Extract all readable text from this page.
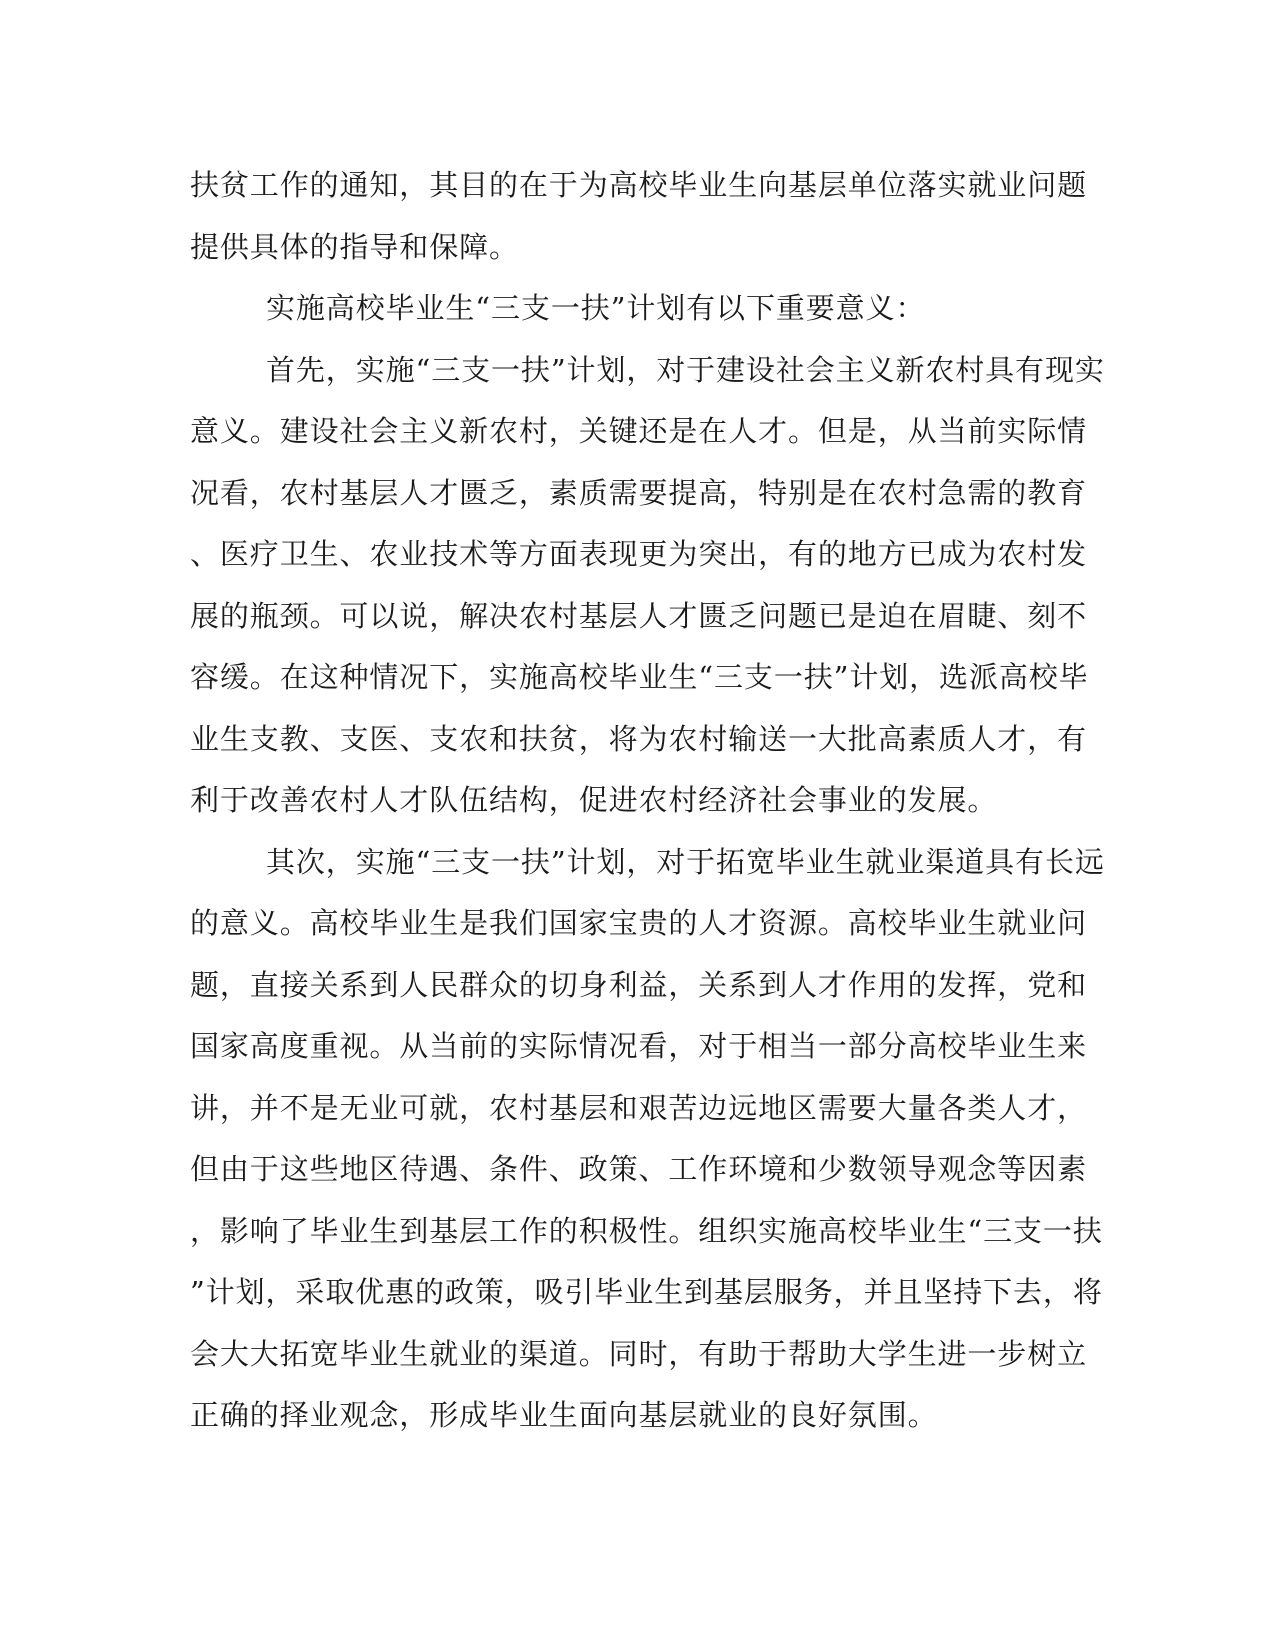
扶贫工作的通知，其目的在于为高校毕业生向基层单位落实就业问题
提供具体的指导和保障。
实施高校毕业生“三支一扶”计划有以下重要意义：
首先，实施“三支一扶”计划，对于建设社会主义新农村具有现实
意义。建设社会主义新农村，关键还是在人才。但是，从当前实际情
况看，农村基层人才匮乏，素质需要提高，特别是在农村急需的教育
、医疗卫生、农业技术等方面表现更为突出，有的地方已成为农村发
展的瓶颈。可以说，解决农村基层人才匮乏问题已是迫在眉睫、刻不
容缓。在这种情况下，实施高校毕业生“三支一扶”计划，选派高校毕
业生支教、支医、支农和扶贫，将为农村输送一大批高素质人才，有
利于改善农村人才队伍结构，促进农村经济社会事业的发展。
其次，实施“三支一扶”计划，对于拓宽毕业生就业渠道具有长远
的意义。高校毕业生是我们国家宝贵的人才资源。高校毕业生就业问
题，直接关系到人民群众的切身利益，关系到人才作用的发挥，党和
国家高度重视。从当前的实际情况看，对于相当一部分高校毕业生来
讲，并不是无业可就，农村基层和艰苦边远地区需要大量各类人才，
但由于这些地区待遇、条件、政策、工作环境和少数领导观念等因素
，影响了毕业生到基层工作的积极性。组织实施高校毕业生“三支一扶
”计划，采取优惠的政策，吸引毕业生到基层服务，并且坚持下去，将
会大大拓宽毕业生就业的渠道。同时，有助于帮助大学生进一步树立
正确的择业观念，形成毕业生面向基层就业的良好氛围。
